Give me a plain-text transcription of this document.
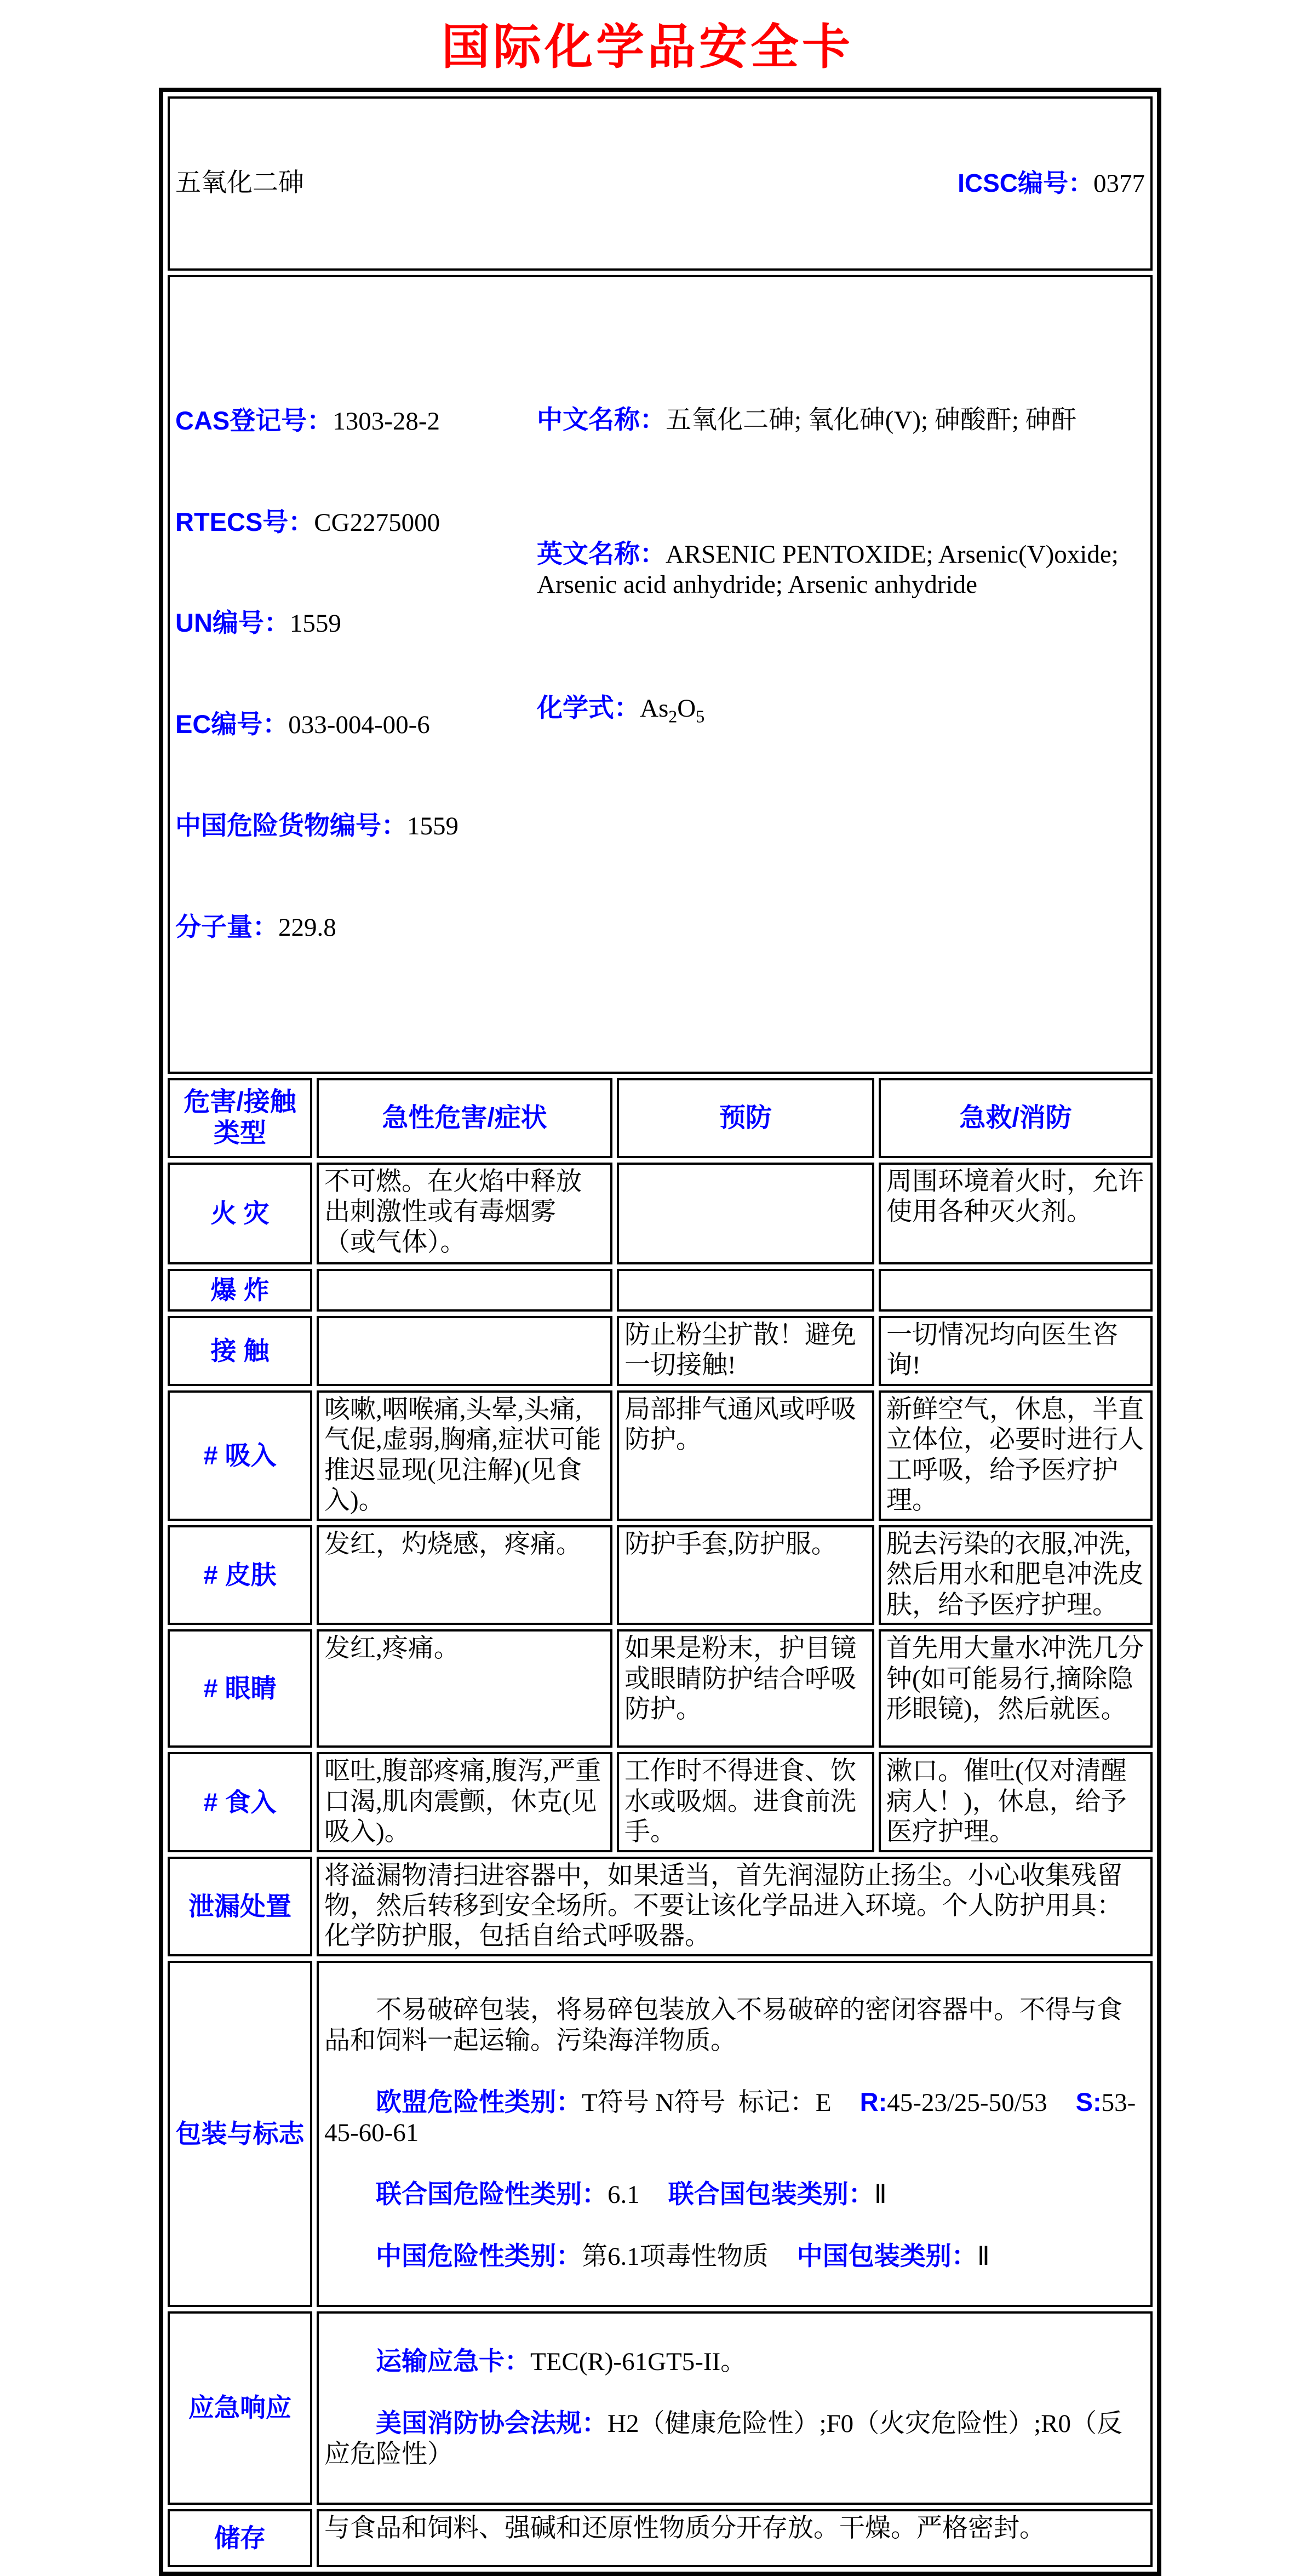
国际化学品安全卡

五氧化二砷 ICSC编号：0377			

CAS登记号：1303-28-2

RTECS号：CG2275000

UN编号：1559

EC编号：033-004-00-6

中国危险货物编号：1559

分子量：229.8

中文名称：五氧化二砷; 氧化砷(V); 砷酸酐; 砷酐

英文名称：ARSENIC PENTOXIDE; Arsenic(V)oxide; Arsenic acid anhydride; Arsenic anhydride

化学式：$As_2O_5$

危害/接触类型	急性危害/症状	预防	急救/消防
火 灾	不可燃。在火焰中释放出刺激性或有毒烟雾（或气体）。		周围环境着火时，允许使用各种灭火剂。
爆 炸			
接 触		防止粉尘扩散！避免一切接触!	一切情况均向医生咨询!
# 吸入	咳嗽,咽喉痛,头晕,头痛,气促,虚弱,胸痛,症状可能推迟显现(见注解)(见食入)。	局部排气通风或呼吸防护。	新鲜空气，休息，半直立体位，必要时进行人工呼吸，给予医疗护理。
# 皮肤	发红，灼烧感，疼痛。	防护手套,防护服。	脱去污染的衣服,冲洗,然后用水和肥皂冲洗皮肤，给予医疗护理。
# 眼睛	发红,疼痛。	如果是粉末，护目镜或眼睛防护结合呼吸防护。	首先用大量水冲洗几分钟(如可能易行,摘除隐形眼镜)，然后就医。
# 食入	呕吐,腹部疼痛,腹泻,严重口渴,肌肉震颤，休克(见吸入)。	工作时不得进食、饮水或吸烟。进食前洗手。	漱口。催吐(仅对清醒病人！)，休息，给予医疗护理。
泄漏处置	将溢漏物清扫进容器中，如果适当，首先润湿防止扬尘。小心收集残留物，然后转移到安全场所。不要让该化学品进入环境。个人防护用具：化学防护服，包括自给式呼吸器。		
包装与标志	不易破碎包装，将易碎包装放入不易破碎的密闭容器中。不得与食品和饲料一起运输。污染海洋物质。

欧盟危险性类别：T符号 N符号  标记：E R:45-23/25-50/53 S:53-45-60-61

联合国危险性类别：6.1 联合国包装类别：Ⅱ

中国危险性类别：第6.1项毒性物质 中国包装类别：Ⅱ		

应急响应	运输应急卡：TEC(R)-61GT5-II。

美国消防协会法规：H2（健康危险性）;F0（火灾危险性）;R0（反应危险性）		

储存	与食品和饲料、强碱和还原性物质分开存放。干燥。严格密封。		
